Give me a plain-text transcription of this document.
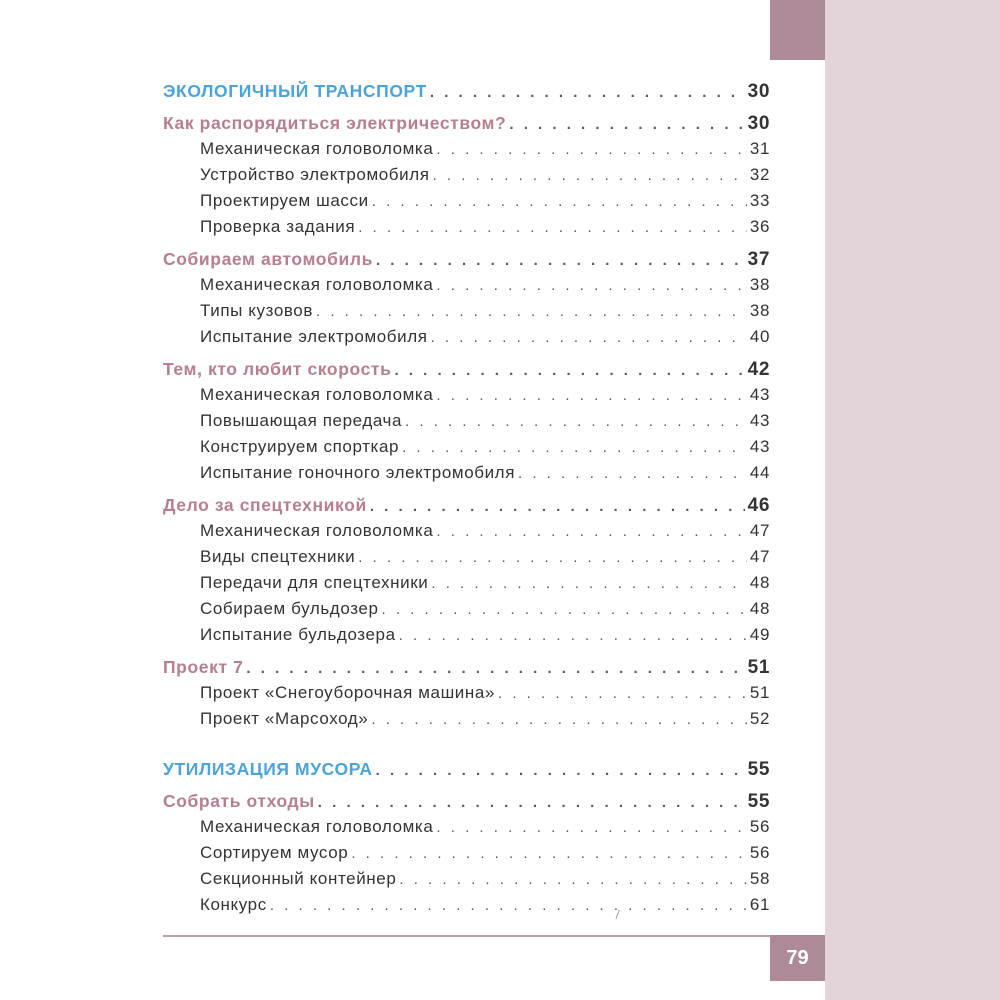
ЭКОЛОГИЧНЫЙ ТРАНСПОРТ . . .	30
Как распорядиться электричеством? . . .	30
Механическая головоломка . . .	31
Устройство электромобиля . . .	32
Проектируем шасси . . .	33
Проверка задания . . .	36
Собираем автомобиль . . .	37
Механическая головоломка . . .	38
Типы кузовов . . .	38
Испытание электромобиля . . .	40
Тем, кто любит скорость . . .	42
Механическая головоломка . . .	43
Повышающая передача . . .	43
Конструируем спорткар . . .	43
Испытание гоночного электромобиля . . .	44
Дело за спецтехникой . . .	46
Механическая головоломка . . .	47
Виды спецтехники . . .	47
Передачи для спецтехники . . .	48
Собираем бульдозер . . .	48
Испытание бульдозера . . .	49
Проект 7 . . .	51
Проект «Снегоуборочная машина» . . .	51
Проект «Марсоход» . . .	52
УТИЛИЗАЦИЯ МУСОРА . . .	55
Собрать отходы . . .	55
Механическая головоломка . . .	56
Сортируем мусор . . .	56
Секционный контейнер . . .	58
Конкурс . . .	61
79
